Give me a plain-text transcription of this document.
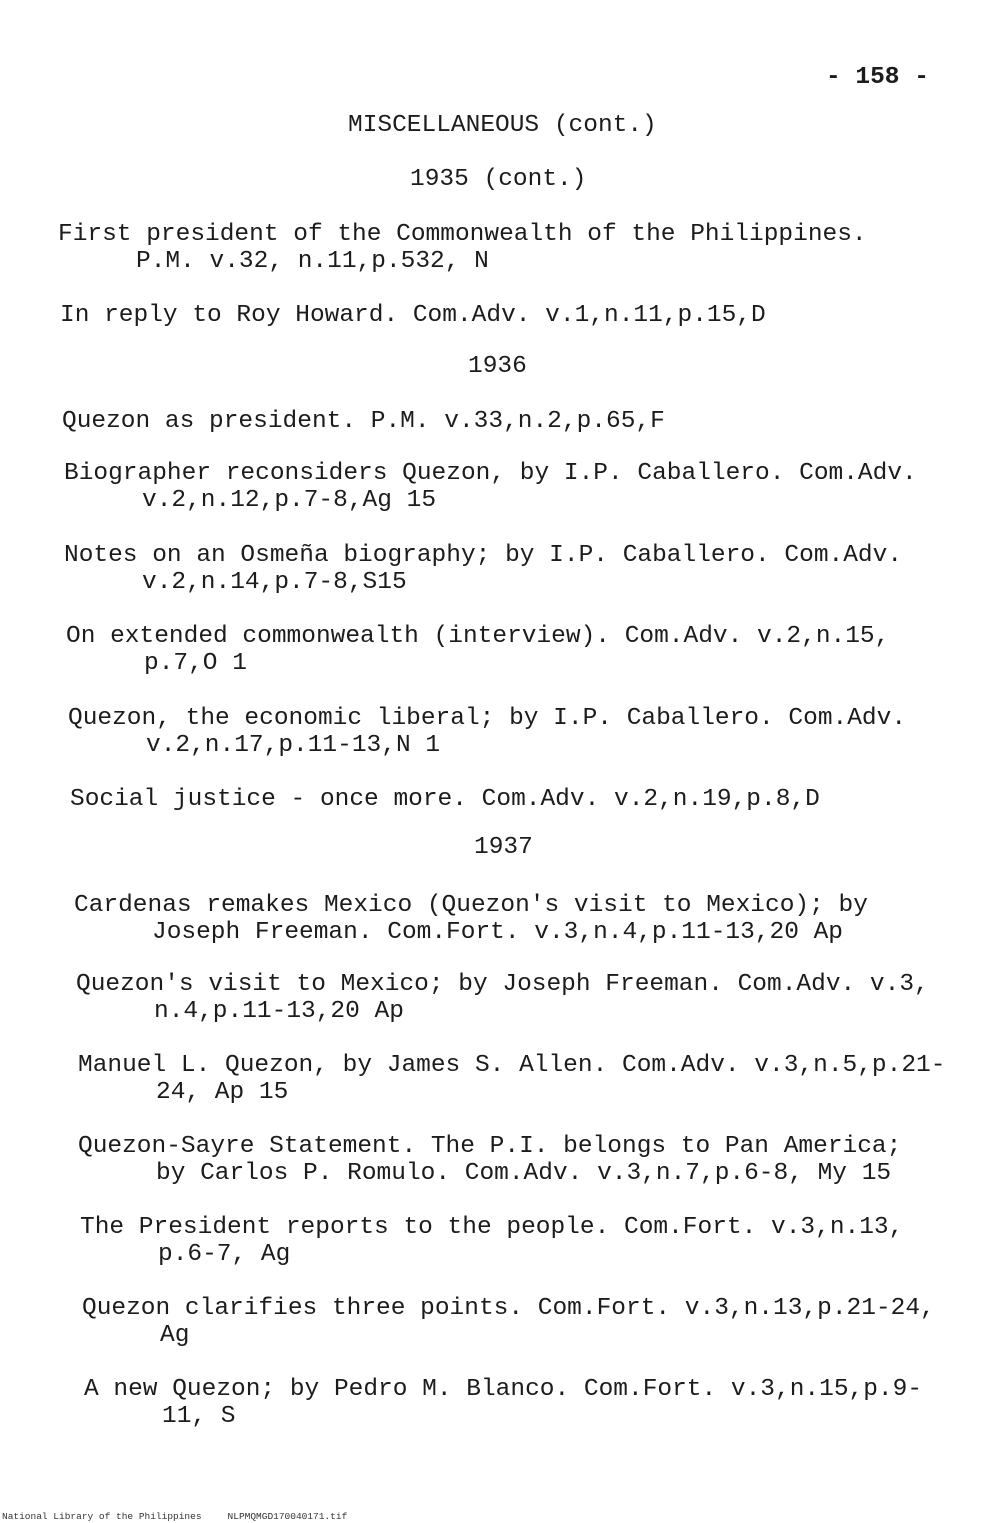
- 158 -
MISCELLANEOUS (cont.)
1935 (cont.)
First president of the Commonwealth of the Philippines.
P.M. v.32, n.11,p.532, N
In reply to Roy Howard. Com.Adv. v.1,n.11,p.15,D
1936
Quezon as president. P.M. v.33,n.2,p.65,F
Biographer reconsiders Quezon, by I.P. Caballero. Com.Adv.
v.2,n.12,p.7-8,Ag 15
Notes on an Osmeña biography; by I.P. Caballero. Com.Adv.
v.2,n.14,p.7-8,S15
On extended commonwealth (interview). Com.Adv. v.2,n.15,
p.7,O 1
Quezon, the economic liberal; by I.P. Caballero. Com.Adv.
v.2,n.17,p.11-13,N 1
Social justice - once more. Com.Adv. v.2,n.19,p.8,D
1937
Cardenas remakes Mexico (Quezon's visit to Mexico); by
Joseph Freeman. Com.Fort. v.3,n.4,p.11-13,20 Ap
Quezon's visit to Mexico; by Joseph Freeman. Com.Adv. v.3,
n.4,p.11-13,20 Ap
Manuel L. Quezon, by James S. Allen. Com.Adv. v.3,n.5,p.21-
24, Ap 15
Quezon-Sayre Statement. The P.I. belongs to Pan America;
by Carlos P. Romulo. Com.Adv. v.3,n.7,p.6-8, My 15
The President reports to the people. Com.Fort. v.3,n.13,
p.6-7, Ag
Quezon clarifies three points. Com.Fort. v.3,n.13,p.21-24,
Ag
A new Quezon; by Pedro M. Blanco. Com.Fort. v.3,n.15,p.9-
11, S
National Library of the Philippines	NLPMQMGD170040171.tif
